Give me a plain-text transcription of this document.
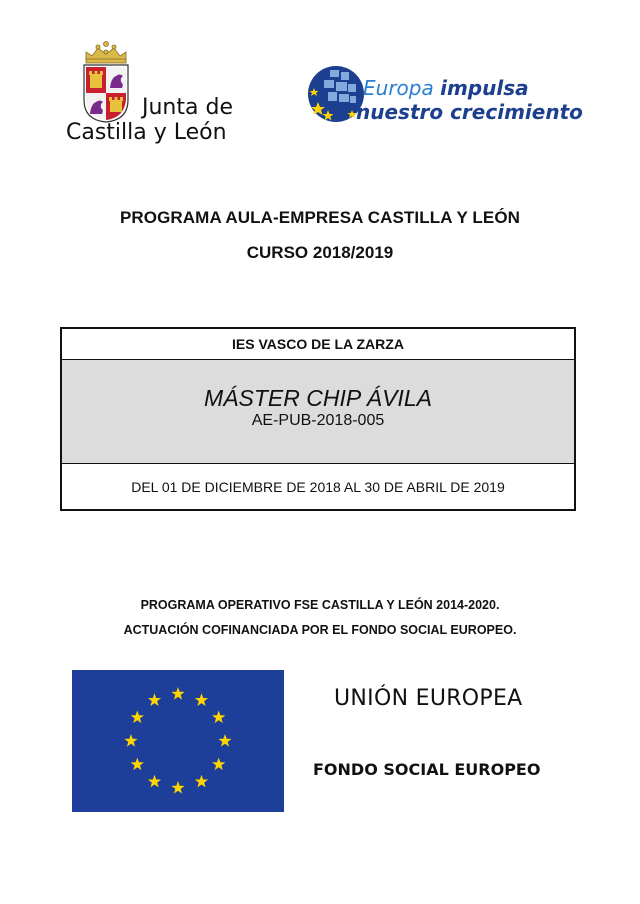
Junta de
Castilla y León
Europa impulsa
nuestro crecimiento
PROGRAMA AULA-EMPRESA CASTILLA Y LEÓN
CURSO 2018/2019
IES VASCO DE LA ZARZA
MÁSTER CHIP ÁVILA
AE-PUB-2018-005
DEL 01 DE DICIEMBRE DE 2018 AL 30 DE ABRIL DE 2019
PROGRAMA OPERATIVO FSE CASTILLA Y LEÓN 2014-2020.
ACTUACIÓN COFINANCIADA POR EL FONDO SOCIAL EUROPEO.
UNIÓN EUROPEA
FONDO SOCIAL EUROPEO
